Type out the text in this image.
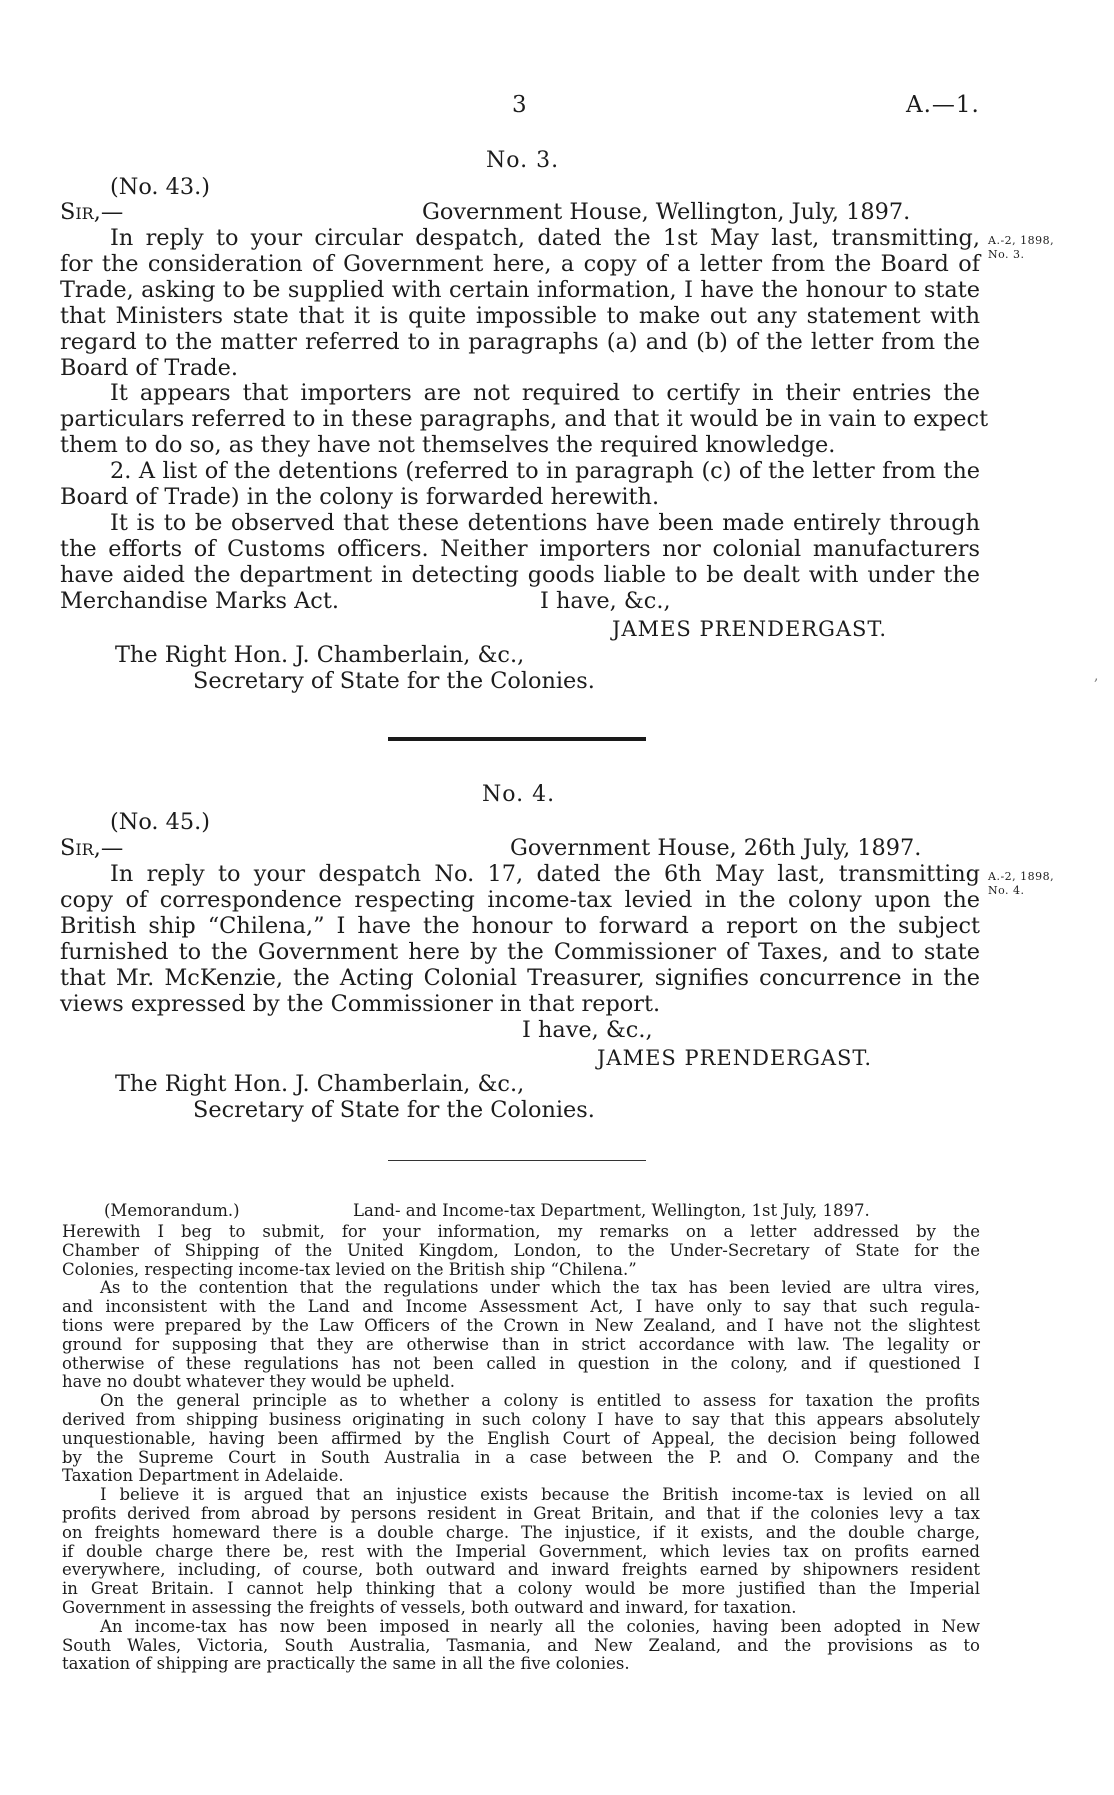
3	A.—1.
No. 3.
(No. 43.)
Sir,—	Government House, Wellington, July, 1897.
In reply to your circular despatch, dated the 1st May last, transmitting,
for the consideration of Government here, a copy of a letter from the Board of
Trade, asking to be supplied with certain information, I have the honour to state
that Ministers state that it is quite impossible to make out any statement with
regard to the matter referred to in paragraphs (a) and (b) of the letter from the
Board of Trade.
It appears that importers are not required to certify in their entries the
particulars referred to in these paragraphs, and that it would be in vain to expect
them to do so, as they have not themselves the required knowledge.
2. A list of the detentions (referred to in paragraph (c) of the letter from the
Board of Trade) in the colony is forwarded herewith.
It is to be observed that these detentions have been made entirely through
the efforts of Customs officers. Neither importers nor colonial manufacturers
have aided the department in detecting goods liable to be dealt with under the
Merchandise Marks Act.
A.-2, 1898,
No. 3.
I have, &c.,
JAMES PRENDERGAST.
The Right Hon. J. Chamberlain, &c.,
Secretary of State for the Colonies.	,
No. 4.
(No. 45.)
Sir,—	Government House, 26th July, 1897.
In reply to your despatch No. 17, dated the 6th May last, transmitting
copy of correspondence respecting income-tax levied in the colony upon the
British ship “Chilena,” I have the honour to forward a report on the subject
furnished to the Government here by the Commissioner of Taxes, and to state
that Mr. McKenzie, the Acting Colonial Treasurer, signifies concurrence in the
views expressed by the Commissioner in that report.
A.-2, 1898,
No. 4.
I have, &c.,
JAMES PRENDERGAST.
The Right Hon. J. Chamberlain, &c.,
Secretary of State for the Colonies.
(Memorandum.)	Land- and Income-tax Department, Wellington, 1st July, 1897.
Herewith I beg to submit, for your information, my remarks on a letter addressed by the
Chamber of Shipping of the United Kingdom, London, to the Under-Secretary of State for the
Colonies, respecting income-tax levied on the British ship “Chilena.”
As to the contention that the regulations under which the tax has been levied are ultra vires,
and inconsistent with the Land and Income Assessment Act, I have only to say that such regula-
tions were prepared by the Law Officers of the Crown in New Zealand, and I have not the slightest
ground for supposing that they are otherwise than in strict accordance with law. The legality or
otherwise of these regulations has not been called in question in the colony, and if questioned I
have no doubt whatever they would be upheld.
On the general principle as to whether a colony is entitled to assess for taxation the profits
derived from shipping business originating in such colony I have to say that this appears absolutely
unquestionable, having been affirmed by the English Court of Appeal, the decision being followed
by the Supreme Court in South Australia in a case between the P. and O. Company and the
Taxation Department in Adelaide.
I believe it is argued that an injustice exists because the British income-tax is levied on all
profits derived from abroad by persons resident in Great Britain, and that if the colonies levy a tax
on freights homeward there is a double charge. The injustice, if it exists, and the double charge,
if double charge there be, rest with the Imperial Government, which levies tax on profits earned
everywhere, including, of course, both outward and inward freights earned by shipowners resident
in Great Britain. I cannot help thinking that a colony would be more justified than the Imperial
Government in assessing the freights of vessels, both outward and inward, for taxation.
An income-tax has now been imposed in nearly all the colonies, having been adopted in New
South Wales, Victoria, South Australia, Tasmania, and New Zealand, and the provisions as to
taxation of shipping are practically the same in all the five colonies.
